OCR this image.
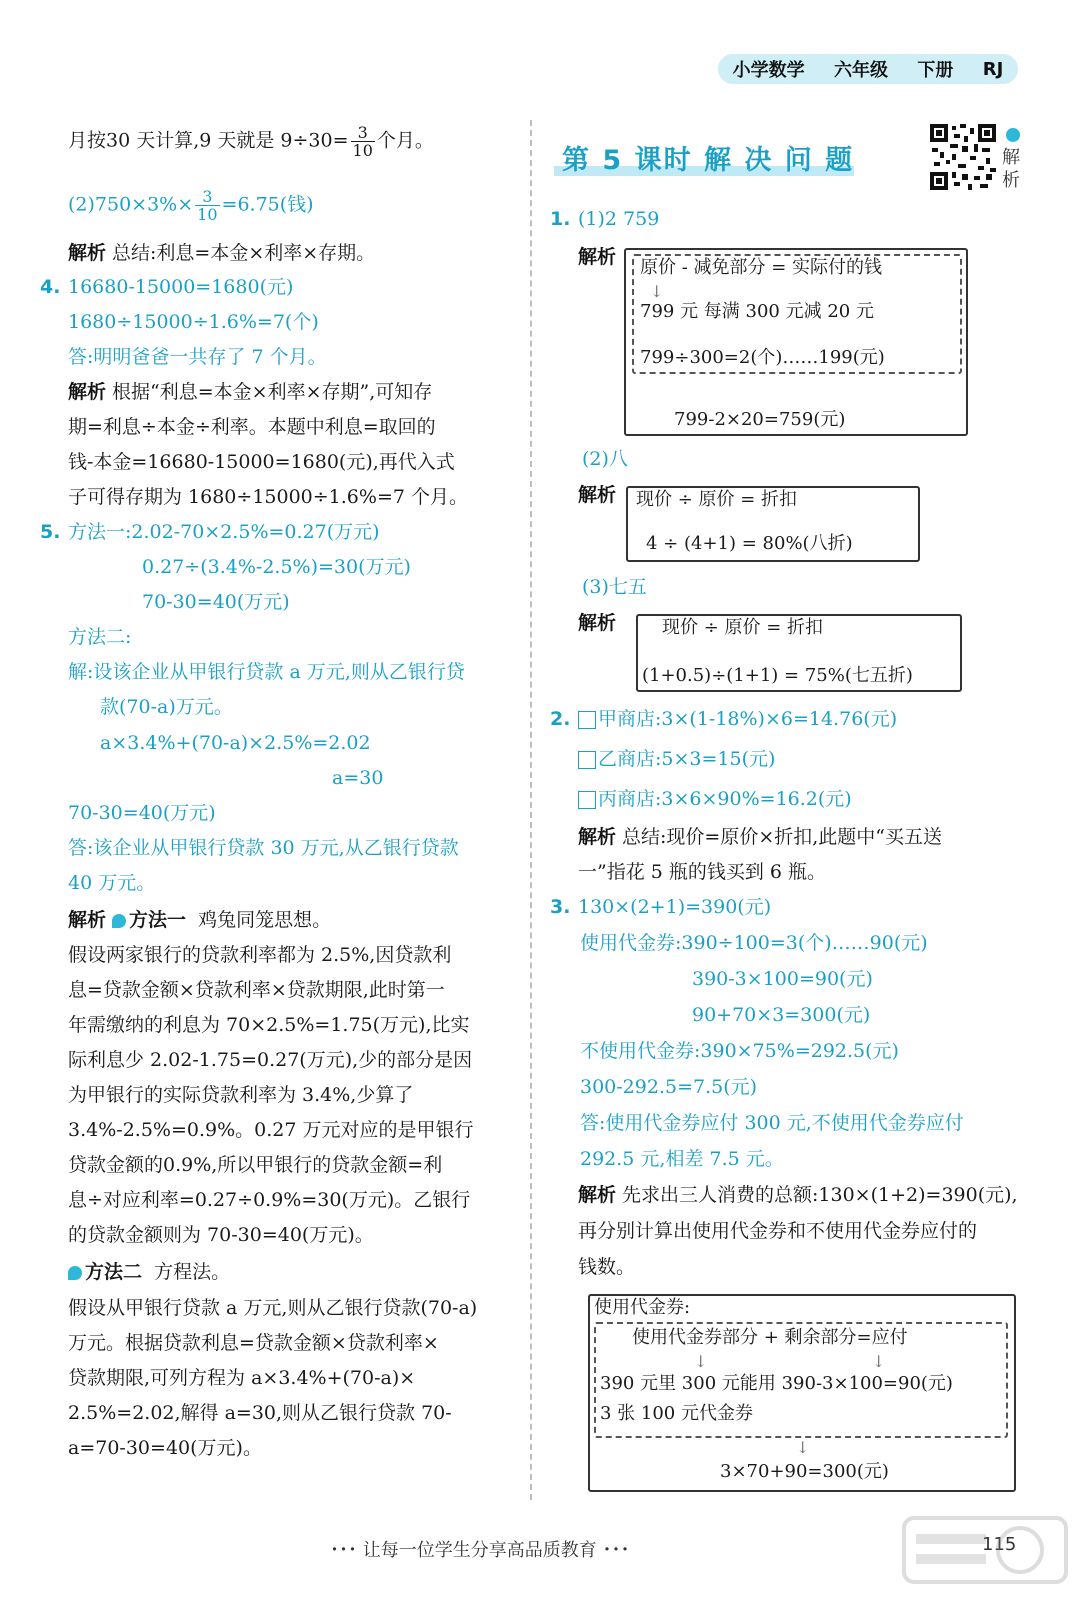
小学数学	六年级	下册	RJ
月按30 天计算,9 天就是 $9\div 30= \frac{3}{10}$ 个月。
$(2)750\times 3\%\times \frac{3}{10} =6.75$(钱)
解析 总结:利息=本金×利率×存期。
4. 16680-15000=1680(元)
1680÷15000÷1.6%=7(个)
答:明明爸爸一共存了 7 个月。
解析 根据“利息=本金×利率×存期”,可知存
期=利息÷本金÷利率。本题中利息=取回的
钱-本金=16680-15000=1680(元),再代入式
子可得存期为 1680÷15000÷1.6%=7 个月。
5. 方法一:2.02-70×2.5%=0.27(万元)
0.27÷(3.4%-2.5%)=30(万元)
70-30=40(万元)
方法二:
解:设该企业从甲银行贷款 a 万元,则从乙银行贷
款(70-a)万元。
a×3.4%+(70-a)×2.5%=2.02
a=30
70-30=40(万元)
答:该企业从甲银行贷款 30 万元,从乙银行贷款
40 万元。
解析 方法一 鸡兔同笼思想。
假设两家银行的贷款利率都为 2.5%,因贷款利
息=贷款金额×贷款利率×贷款期限,此时第一
年需缴纳的利息为 70×2.5%=1.75(万元),比实
际利息少 2.02-1.75=0.27(万元),少的部分是因
为甲银行的实际贷款利率为 3.4%,少算了
3.4%-2.5%=0.9%。0.27 万元对应的是甲银行
贷款金额的0.9%,所以甲银行的贷款金额=利
息÷对应利率=0.27÷0.9%=30(万元)。乙银行
的贷款金额则为 70-30=40(万元)。
方法二 方程法。
假设从甲银行贷款 a 万元,则从乙银行贷款(70-a)
万元。根据贷款利息=贷款金额×贷款利率×
贷款期限,可列方程为 a×3.4%+(70-a)×
2.5%=2.02,解得 a=30,则从乙银行贷款 70-
a=70-30=40(万元)。
第 5 课时 解 决 问 题	解析
1. (1)2 759
解析	原价 - 减免部分 = 实际付的钱
↓
799 元 每满 300 元减 20 元
799÷300=2(个)……199(元)
799-2×20=759(元)
(2)八
解析	现价 ÷ 原价 = 折扣
4 ÷ (4+1) = 80%(八折)
(3)七五
解析	现价 ÷ 原价 = 折扣
(1+0.5)÷(1+1) = 75%(七五折)
2. 甲商店:3×(1-18%)×6=14.76(元)
乙商店:5×3=15(元)
丙商店:3×6×90%=16.2(元)
解析 总结:现价=原价×折扣,此题中“买五送
一”指花 5 瓶的钱买到 6 瓶。
3. 130×(2+1)=390(元)
使用代金券:390÷100=3(个)……90(元)
390-3×100=90(元)
90+70×3=300(元)
不使用代金券:390×75%=292.5(元)
300-292.5=7.5(元)
答:使用代金券应付 300 元,不使用代金券应付
292.5 元,相差 7.5 元。
解析 先求出三人消费的总额:130×(1+2)=390(元),
再分别计算出使用代金券和不使用代金券应付的
钱数。
使用代金券:
使用代金券部分 + 剩余部分=应付
↓	↓
390 元里 300 元能用 390-3×100=90(元)
3 张 100 元代金券
↓
3×70+90=300(元)
･･･ 让每一位学生分享高品质教育 ･･･	115
